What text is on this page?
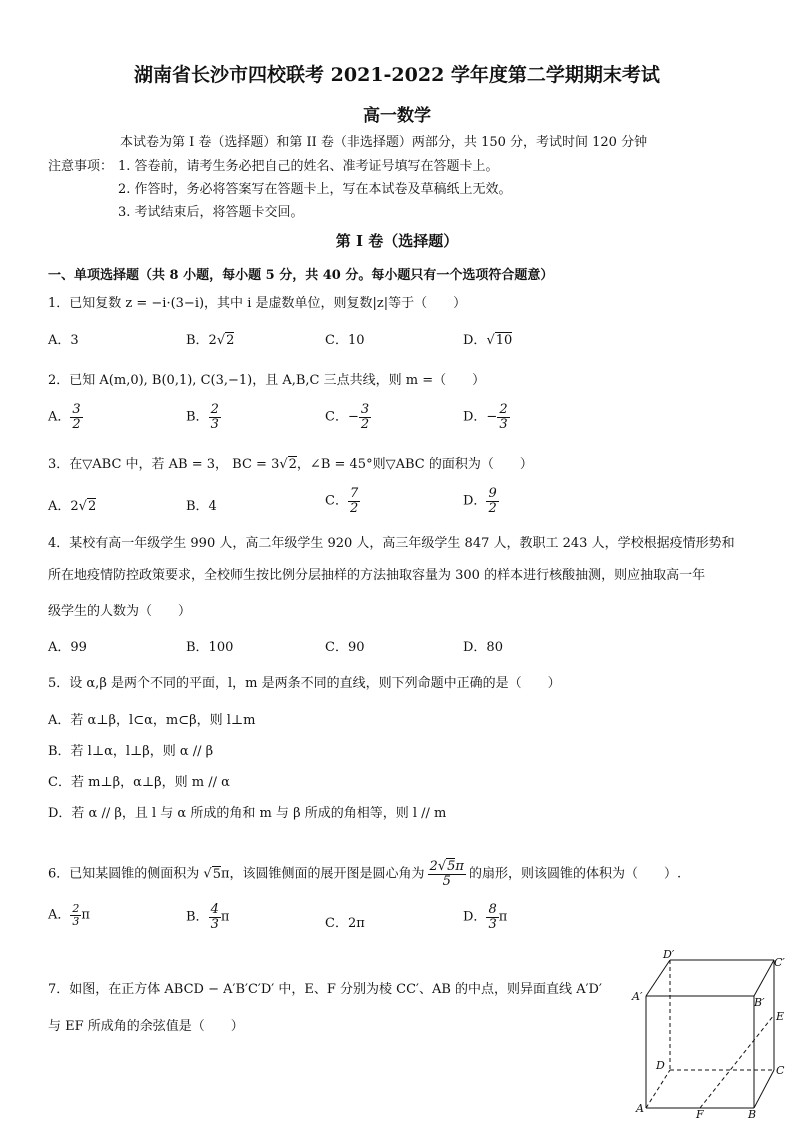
湖南省长沙市四校联考 2021-2022 学年度第二学期期末考试
高一数学
本试卷为第 I 卷（选择题）和第 II 卷（非选择题）两部分，共 150 分，考试时间 120 分钟
注意事项： 1. 答卷前，请考生务必把自己的姓名、准考证号填写在答题卡上。
2. 作答时，务必将答案写在答题卡上，写在本试卷及草稿纸上无效。
3. 考试结束后，将答题卡交回。
第 I 卷（选择题）
一、单项选择题（共 8 小题，每小题 5 分，共 40 分。每小题只有一个选项符合题意）
1．已知复数 z = −i·(3−i)，其中 i 是虚数单位，则复数|z|等于（　　）
A．3	B．2√2	C．10	D．√10
2．已知 A(m,0), B(0,1), C(3,−1)，且 A,B,C 三点共线，则 m =（　　）
A． $\frac{3}{2}$	B． $\frac{2}{3}$	C．− $\frac{3}{2}$	D．− $\frac{2}{3}$
3．在▽ABC 中，若 AB = 3， BC = 3√2，∠B = 45°则▽ABC 的面积为（　　）
A．2√2	B．4	C． $\frac{7}{2}$	D． $\frac{9}{2}$
4．某校有高一年级学生 990 人，高二年级学生 920 人，高三年级学生 847 人，教职工 243 人，学校根据疫情形势和
所在地疫情防控政策要求，全校师生按比例分层抽样的方法抽取容量为 300 的样本进行核酸抽测，则应抽取高一年
级学生的人数为（　　）
A．99	B．100	C．90	D．80
5．设 α,β 是两个不同的平面，l，m 是两条不同的直线，则下列命题中正确的是（　　）
A．若 α⊥β，l⊂α，m⊂β，则 l⊥m
B．若 l⊥α，l⊥β，则 α // β
C．若 m⊥β，α⊥β，则 m // α
D．若 α // β，且 l 与 α 所成的角和 m 与 β 所成的角相等，则 l // m
6．已知某圆锥的侧面积为 √5π，该圆锥侧面的展开图是圆心角为 $\frac{2√5\pi}{5}$ 的扇形，则该圆锥的体积为（　　）.
A． $\frac{2}{3}$ π	B． $\frac{4}{3}$ π	C．2π	D． $\frac{8}{3}$ π
7．如图，在正方体 ABCD − A′B′C′D′ 中，E、F 分别为棱 CC′、AB 的中点，则异面直线 A′D′
与 EF 所成角的余弦值是（　　）
D′
C′
A′	B′
E
D	C
A	F	B
